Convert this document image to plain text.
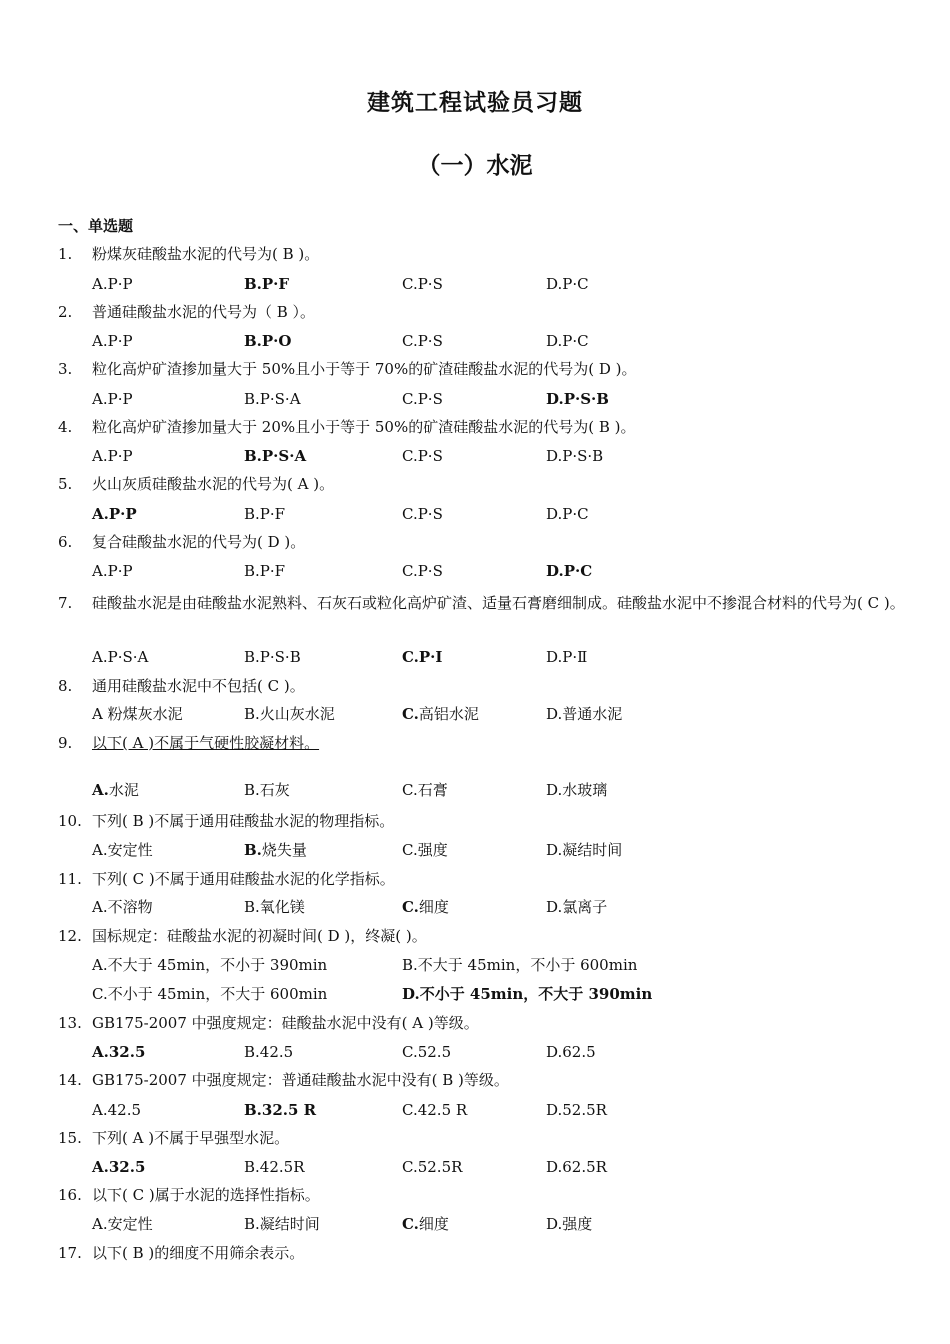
建筑工程试验员习题
（一）水泥
一、单选题
1. 粉煤灰硅酸盐水泥的代号为( B )。
A.P·P	B.P·F	C.P·S	D.P·C
2. 普通硅酸盐水泥的代号为（ B ）。
A.P·P	B.P·O	C.P·S	D.P·C
3. 粒化高炉矿渣掺加量大于 50%且小于等于 70%的矿渣硅酸盐水泥的代号为( D )。
A.P·P	B.P·S·A	C.P·S	D.P·S·B
4. 粒化高炉矿渣掺加量大于 20%且小于等于 50%的矿渣硅酸盐水泥的代号为( B )。
A.P·P	B.P·S·A	C.P·S	D.P·S·B
5. 火山灰质硅酸盐水泥的代号为( A )。
A.P·P	B.P·F	C.P·S	D.P·C
6. 复合硅酸盐水泥的代号为( D )。
A.P·P	B.P·F	C.P·S	D.P·C
7. 硅酸盐水泥是由硅酸盐水泥熟料、石灰石或粒化高炉矿渣、适量石膏磨细制成。硅酸盐水泥中不掺混合材料的代号为( C )。
A.P·S·A	B.P·S·B	C.P·Ⅰ	D.P·Ⅱ
8. 通用硅酸盐水泥中不包括( C )。
A 粉煤灰水泥	B.火山灰水泥	C.高铝水泥	D.普通水泥
9. 以下( A )不属于气硬性胶凝材料。
A.水泥	B.石灰	C.石膏	D.水玻璃
10. 下列( B )不属于通用硅酸盐水泥的物理指标。
A.安定性	B.烧失量	C.强度	D.凝结时间
11. 下列( C )不属于通用硅酸盐水泥的化学指标。
A.不溶物	B.氧化镁	C.细度	D.氯离子
12. 国标规定：硅酸盐水泥的初凝时间( D )，终凝( )。
A.不大于 45min，不小于 390min	B.不大于 45min，不小于 600min
C.不小于 45min，不大于 600min	D.不小于 45min，不大于 390min
13. GB175-2007 中强度规定：硅酸盐水泥中没有( A )等级。
A.32.5	B.42.5	C.52.5	D.62.5
14. GB175-2007 中强度规定：普通硅酸盐水泥中没有( B )等级。
A.42.5	B.32.5 R	C.42.5 R	D.52.5R
15. 下列( A )不属于早强型水泥。
A.32.5	B.42.5R	C.52.5R	D.62.5R
16. 以下( C )属于水泥的选择性指标。
A.安定性	B.凝结时间	C.细度	D.强度
17. 以下( B )的细度不用筛余表示。
